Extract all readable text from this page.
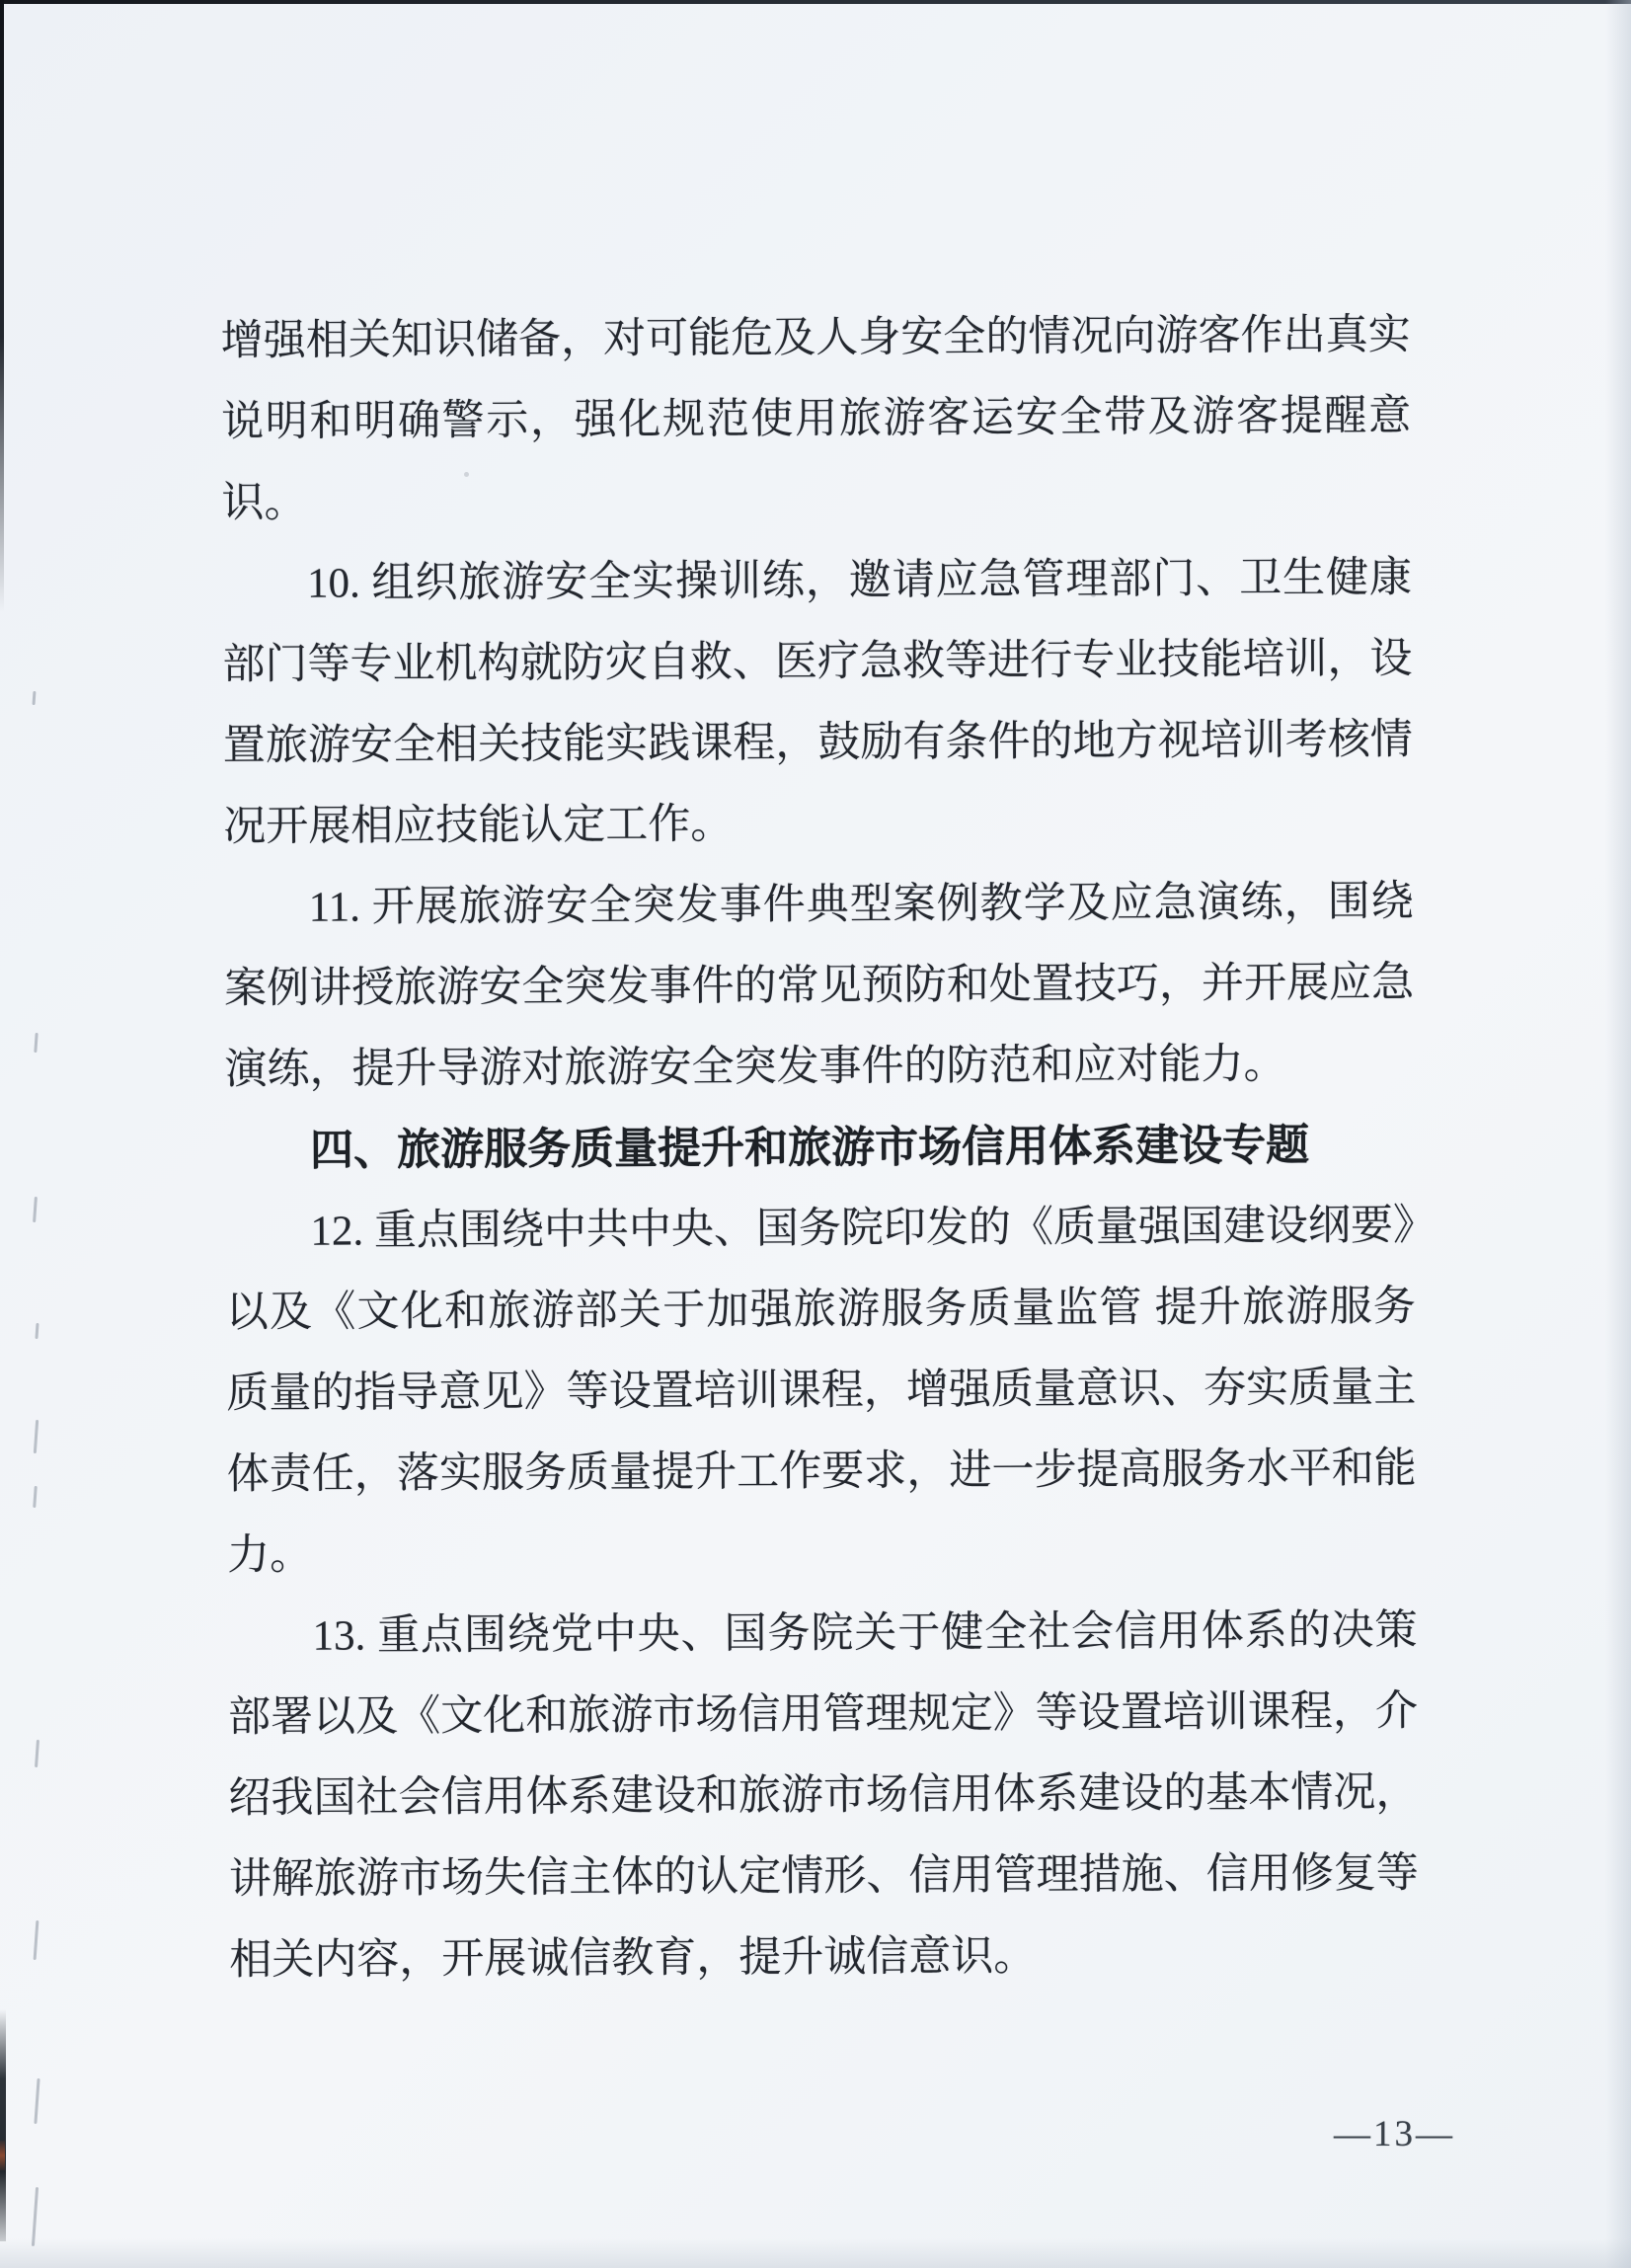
增强相关知识储备，对可能危及人身安全的情况向游客作出真实
说明和明确警示，强化规范使用旅游客运安全带及游客提醒意
识。
10. 组织旅游安全实操训练，邀请应急管理部门、卫生健康
部门等专业机构就防灾自救、医疗急救等进行专业技能培训，设
置旅游安全相关技能实践课程，鼓励有条件的地方视培训考核情
况开展相应技能认定工作。
11. 开展旅游安全突发事件典型案例教学及应急演练，围绕
案例讲授旅游安全突发事件的常见预防和处置技巧，并开展应急
演练，提升导游对旅游安全突发事件的防范和应对能力。
四、旅游服务质量提升和旅游市场信用体系建设专题
12. 重点围绕中共中央、国务院印发的《质量强国建设纲要》
以及《文化和旅游部关于加强旅游服务质量监管 提升旅游服务
质量的指导意见》等设置培训课程，增强质量意识、夯实质量主
体责任，落实服务质量提升工作要求，进一步提高服务水平和能
力。
13. 重点围绕党中央、国务院关于健全社会信用体系的决策
部署以及《文化和旅游市场信用管理规定》等设置培训课程，介
绍我国社会信用体系建设和旅游市场信用体系建设的基本情况，
讲解旅游市场失信主体的认定情形、信用管理措施、信用修复等
相关内容，开展诚信教育，提升诚信意识。
—13—
